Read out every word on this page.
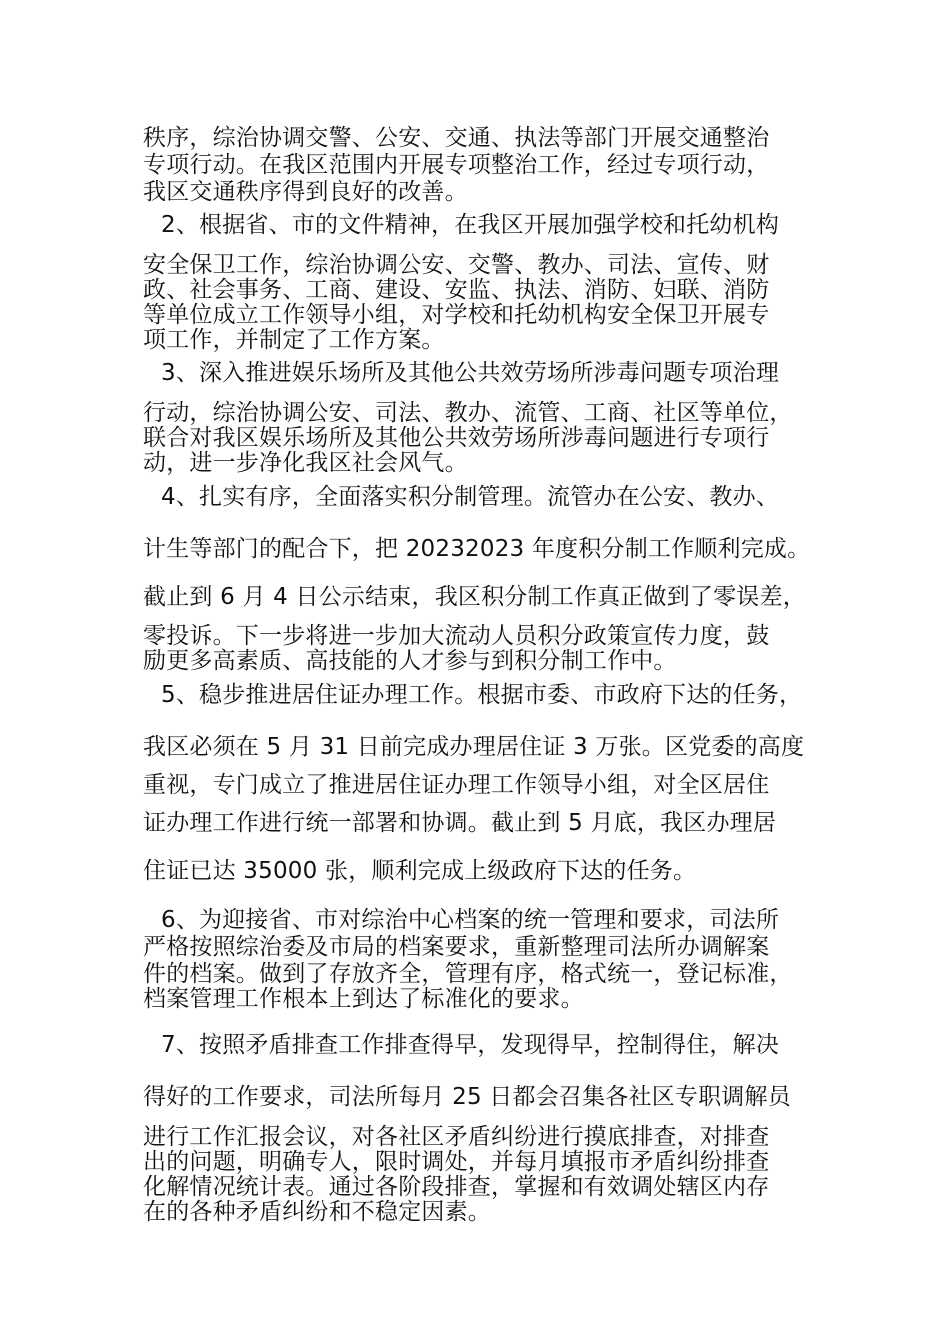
秩序，综治协调交警、公安、交通、执法等部门开展交通整治

专项行动。在我区范围内开展专项整治工作，经过专项行动，

我区交通秩序得到良好的改善。

2、根据省、市的文件精神，在我区开展加强学校和托幼机构

安全保卫工作，综治协调公安、交警、教办、司法、宣传、财

政、社会事务、工商、建设、安监、执法、消防、妇联、消防

等单位成立工作领导小组，对学校和托幼机构安全保卫开展专

项工作，并制定了工作方案。

3、深入推进娱乐场所及其他公共效劳场所涉毒问题专项治理

行动，综治协调公安、司法、教办、流管、工商、社区等单位，

联合对我区娱乐场所及其他公共效劳场所涉毒问题进行专项行

动，进一步净化我区社会风气。

4、扎实有序，全面落实积分制管理。流管办在公安、教办、

计生等部门的配合下，把 20232023 年度积分制工作顺利完成。

截止到 6 月 4 日公示结束，我区积分制工作真正做到了零误差，

零投诉。下一步将进一步加大流动人员积分政策宣传力度，鼓

励更多高素质、高技能的人才参与到积分制工作中。

5、稳步推进居住证办理工作。根据市委、市政府下达的任务，

我区必须在 5 月 31 日前完成办理居住证 3 万张。区党委的高度

重视，专门成立了推进居住证办理工作领导小组，对全区居住

证办理工作进行统一部署和协调。截止到 5 月底，我区办理居

住证已达 35000 张，顺利完成上级政府下达的任务。

6、为迎接省、市对综治中心档案的统一管理和要求，司法所

严格按照综治委及市局的档案要求，重新整理司法所办调解案

件的档案。做到了存放齐全，管理有序，格式统一，登记标准，

档案管理工作根本上到达了标准化的要求。

7、按照矛盾排查工作排查得早，发现得早，控制得住，解决

得好的工作要求，司法所每月 25 日都会召集各社区专职调解员

进行工作汇报会议，对各社区矛盾纠纷进行摸底排查，对排查

出的问题，明确专人，限时调处，并每月填报市矛盾纠纷排查

化解情况统计表。通过各阶段排查，掌握和有效调处辖区内存

在的各种矛盾纠纷和不稳定因素。
